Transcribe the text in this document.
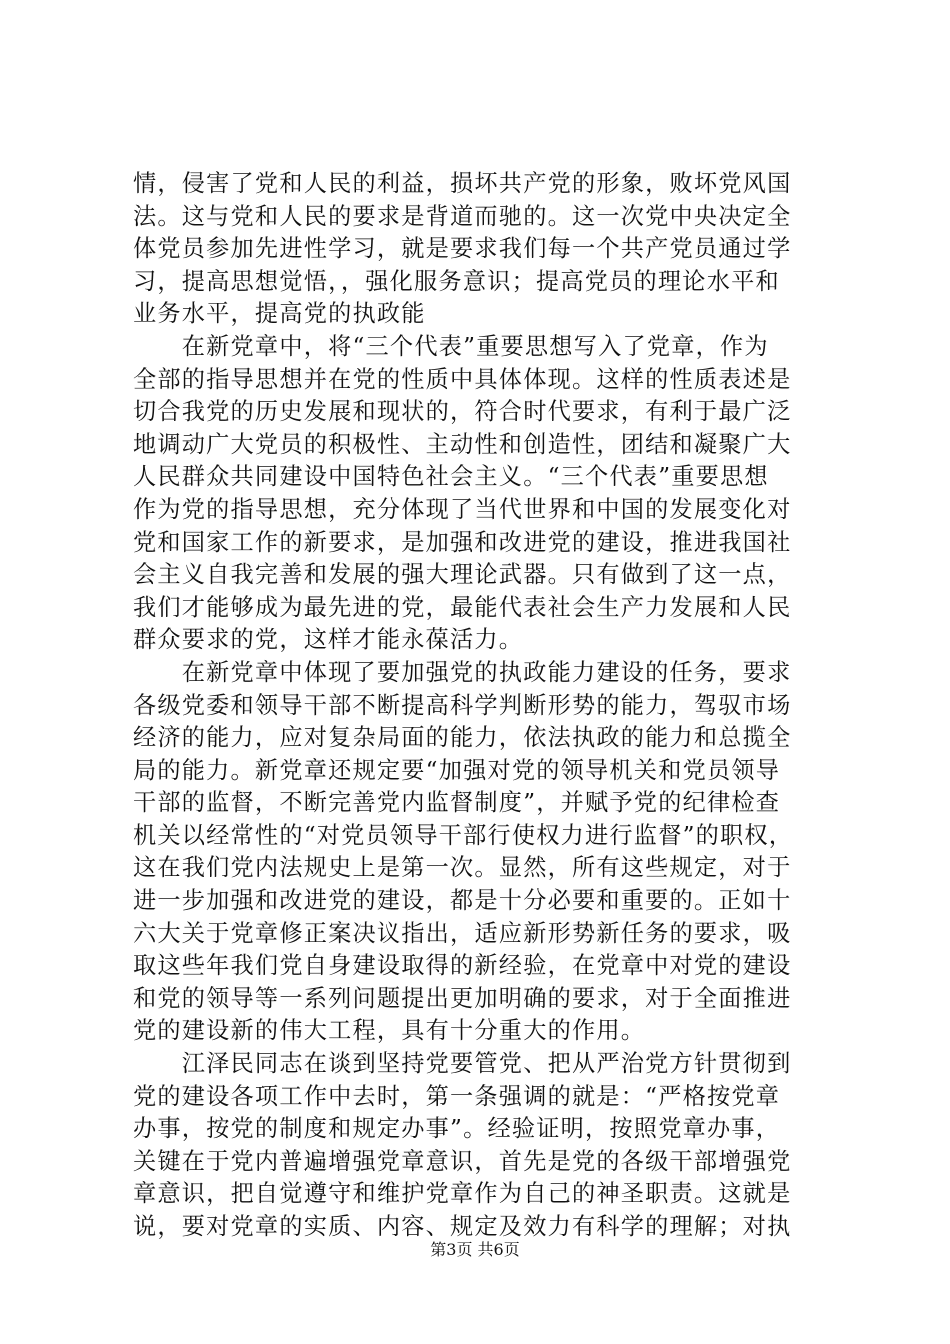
情，侵害了党和人民的利益，损坏共产党的形象，败坏党风国
法。这与党和人民的要求是背道而驰的。这一次党中央决定全
体党员参加先进性学习，就是要求我们每一个共产党员通过学
习，提高思想觉悟，，强化服务意识；提高党员的理论水平和
业务水平，提高党的执政能
　　在新党章中，将“三个代表”重要思想写入了党章，作为
全部的指导思想并在党的性质中具体体现。这样的性质表述是
切合我党的历史发展和现状的，符合时代要求，有利于最广泛
地调动广大党员的积极性、主动性和创造性，团结和凝聚广大
人民群众共同建设中国特色社会主义。“三个代表”重要思想
作为党的指导思想，充分体现了当代世界和中国的发展变化对
党和国家工作的新要求，是加强和改进党的建设，推进我国社
会主义自我完善和发展的强大理论武器。只有做到了这一点，
我们才能够成为最先进的党，最能代表社会生产力发展和人民
群众要求的党，这样才能永葆活力。
　　在新党章中体现了要加强党的执政能力建设的任务，要求
各级党委和领导干部不断提高科学判断形势的能力，驾驭市场
经济的能力，应对复杂局面的能力，依法执政的能力和总揽全
局的能力。新党章还规定要“加强对党的领导机关和党员领导
干部的监督，不断完善党内监督制度”，并赋予党的纪律检查
机关以经常性的“对党员领导干部行使权力进行监督”的职权，
这在我们党内法规史上是第一次。显然，所有这些规定，对于
进一步加强和改进党的建设，都是十分必要和重要的。正如十
六大关于党章修正案决议指出，适应新形势新任务的要求，吸
取这些年我们党自身建设取得的新经验，在党章中对党的建设
和党的领导等一系列问题提出更加明确的要求，对于全面推进
党的建设新的伟大工程，具有十分重大的作用。
　　江泽民同志在谈到坚持党要管党、把从严治党方针贯彻到
党的建设各项工作中去时，第一条强调的就是：“严格按党章
办事，按党的制度和规定办事”。经验证明，按照党章办事，
关键在于党内普遍增强党章意识，首先是党的各级干部增强党
章意识，把自觉遵守和维护党章作为自己的神圣职责。这就是
说，要对党章的实质、内容、规定及效力有科学的理解；对执
第3页 共6页
